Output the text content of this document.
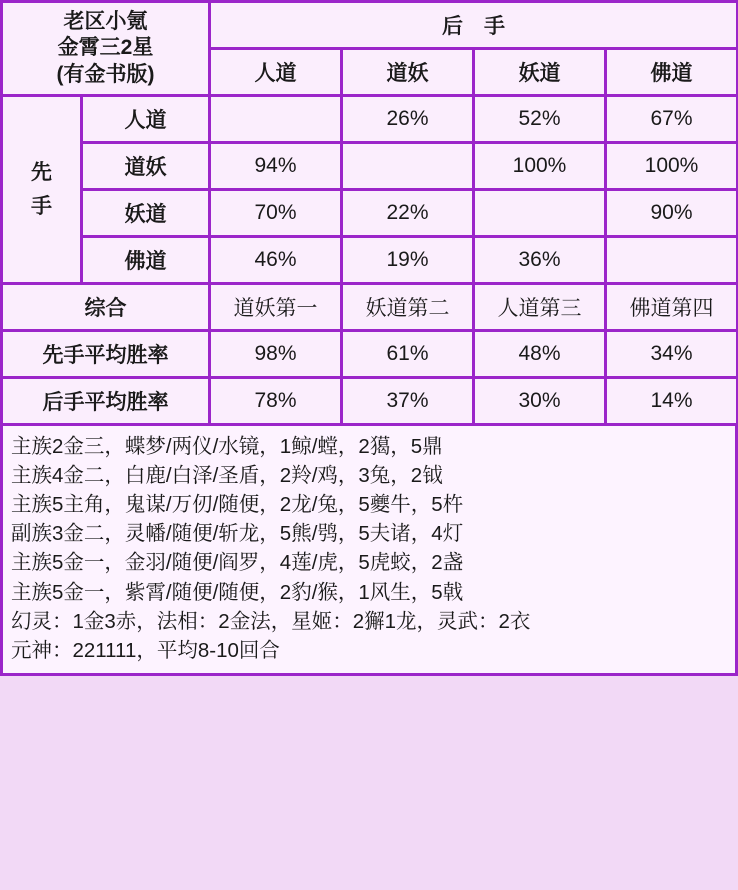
老区小氪
金霄三2星
(有金书版)		后　手			
		人道	道妖	妖道	佛道
先
手	人道		26%	52%	67%
	道妖	94%		100%	100%
	妖道	70%	22%		90%
	佛道	46%	19%	36%	
综合		道妖第一	妖道第二	人道第三	佛道第四
先手平均胜率		98%	61%	48%	34%
后手平均胜率		78%	37%	30%	14%
主族2金三，蝶梦/两仪/水镜，1鲸/螳，2獦，5鼎
主族4金二，白鹿/白泽/圣盾，2羚/鸡，3兔，2钺
主族5主角，鬼谋/万仞/随便，2龙/兔，5夔牛，5杵
副族3金二，灵幡/随便/斩龙，5熊/鸮，5夫诸，4灯
主族5金一，金羽/随便/阎罗，4莲/虎，5虎蛟，2盏
主族5金一，紫霄/随便/随便，2豹/猴，1风生，5戟
幻灵：1金3赤，法相：2金法，星姬：2獬1龙，灵武：2衣
元神：221111，平均8-10回合
